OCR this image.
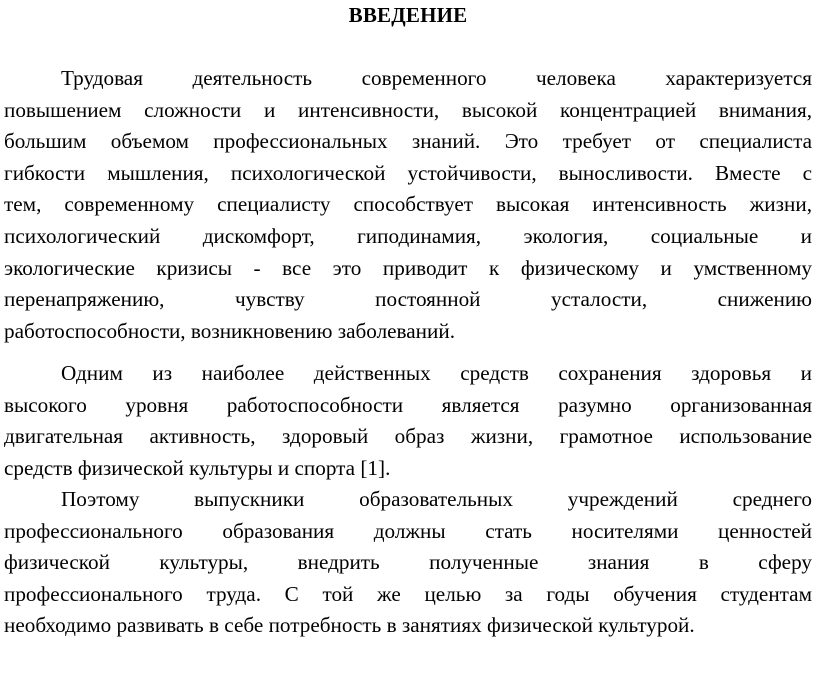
ВВЕДЕНИЕ
Трудовая деятельность современного человека характеризуется
повышением сложности и интенсивности, высокой концентрацией внимания,
большим объемом профессиональных знаний. Это требует от специалиста
гибкости мышления, психологической устойчивости, выносливости. Вместе с
тем, современному специалисту способствует высокая интенсивность жизни,
психологический дискомфорт, гиподинамия, экология, социальные и
экологические кризисы - все это приводит к физическому и умственному
перенапряжению, чувству постоянной усталости, снижению
работоспособности, возникновению заболеваний.
Одним из наиболее действенных средств сохранения здоровья и
высокого уровня работоспособности является разумно организованная
двигательная активность, здоровый образ жизни, грамотное использование
средств физической культуры и спорта [1].
Поэтому выпускники образовательных учреждений среднего
профессионального образования должны стать носителями ценностей
физической культуры, внедрить полученные знания в сферу
профессионального труда. С той же целью за годы обучения студентам
необходимо развивать в себе потребность в занятиях физической культурой.
